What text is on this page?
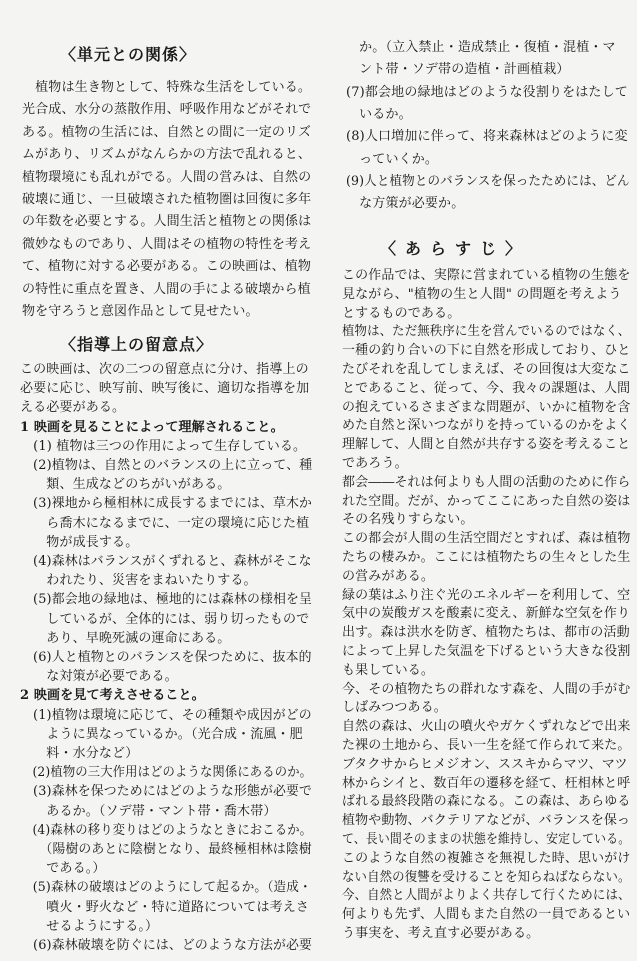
〈単元との関係〉
　植物は生き物として、特殊な生活をしている。
光合成、水分の蒸散作用、呼吸作用などがそれで
ある。植物の生活には、自然との間に一定のリズ
ムがあり、リズムがなんらかの方法で乱れると、
植物環境にも乱れがでる。人間の営みは、自然の
破壊に通じ、一旦破壊された植物圏は回復に多年
の年数を必要とする。人間生活と植物との関係は
微妙なものであり、人間はその植物の特性を考え
て、植物に対する必要がある。この映画は、植物
の特性に重点を置き、人間の手による破壊から植
物を守ろうと意図作品として見せたい。
〈指導上の留意点〉
この映画は、次の二つの留意点に分け、指導上の
必要に応じ、映写前、映写後に、適切な指導を加
える必要がある。
1 映画を見ることによって理解されること。
　(1) 植物は三つの作用によって生存している。
　(2)植物は、自然とのバランスの上に立って、種
　　類、生成などのちがいがある。
　(3)裸地から極相林に成長するまでには、草木か
　　ら喬木になるまでに、一定の環境に応じた植
　　物が成長する。
　(4)森林はバランスがくずれると、森林がそこな
　　われたり、災害をまねいたりする。
　(5)都会地の緑地は、極地的には森林の様相を呈
　　しているが、全体的には、弱り切ったもので
　　あり、早晩死滅の運命にある。
　(6)人と植物とのバランスを保つために、抜本的
　　な対策が必要である。
2 映画を見て考えさせること。
　(1)植物は環境に応じて、その種類や成因がどの
　　ように異なっているか。（光合成・流風・肥
　　料・水分など）
　(2)植物の三大作用はどのような関係にあるのか。
　(3)森林を保つためにはどのような形態が必要で
　　あるか。（ソデ帯・マント帯・喬木帯）
　(4)森林の移り変りはどのようなときにおこるか。
　　（陽樹のあとに陰樹となり、最終極相林は陰樹
　　である。）
　(5)森林の破壊はどのようにして起るか。（造成・
　　噴火・野火など・特に道路については考えさ
　　せるようにする。）
　(6)森林破壊を防ぐには、どのような方法が必要
　か。（立入禁止・造成禁止・復植・混植・マ
　ント帯・ソデ帯の造植・計画植栽）
(7)都会地の緑地はどのような役割りをはたして
　いるか。
(8)人口増加に伴って、将来森林はどのように変
　っていくか。
(9)人と植物とのバランスを保ったためには、どん
　な方策が必要か。
〈あらすじ〉
この作品では、実際に営まれている植物の生態を
見ながら、"植物の生と人間" の問題を考えよう
とするものである。
植物は、ただ無秩序に生を営んでいるのではなく、
一種の釣り合いの下に自然を形成しており、ひと
たびそれを乱してしまえば、その回復は大変なこ
とであること、従って、今、我々の課題は、人間
の抱えているさまざまな問題が、いかに植物を含
めた自然と深いつながりを持っているのかをよく
理解して、人間と自然が共存する姿を考えること
であろう。
都会――それは何よりも人間の活動のために作ら
れた空間。だが、かってここにあった自然の姿は
その名残りすらない。
この都会が人間の生活空間だとすれば、森は植物
たちの棲みか。ここには植物たちの生々とした生
の営みがある。
緑の葉はふり注ぐ光のエネルギーを利用して、空
気中の炭酸ガスを酸素に変え、新鮮な空気を作り
出す。森は洪水を防ぎ、植物たちは、都市の活動
によって上昇した気温を下げるという大きな役割
も果している。
今、その植物たちの群れなす森を、人間の手がむ
しばみつつある。
自然の森は、火山の噴火やガケくずれなどで出来
た裸の土地から、長い一生を経て作られて来た。
ブタクサからヒメジオン、ススキからマツ、マツ
林からシイと、数百年の遷移を経て、枉相林と呼
ばれる最終段階の森になる。この森は、あらゆる
植物や動物、バクテリアなどが、バランスを保っ
て、長い間そのままの状態を維持し、安定している。
このような自然の複雑さを無視した時、思いがけ
ない自然の復讐を受けることを知らねばならない。
今、自然と人間がよりよく共存して行くためには、
何よりも先ず、人間もまた自然の一員であるとい
う事実を、考え直す必要がある。
